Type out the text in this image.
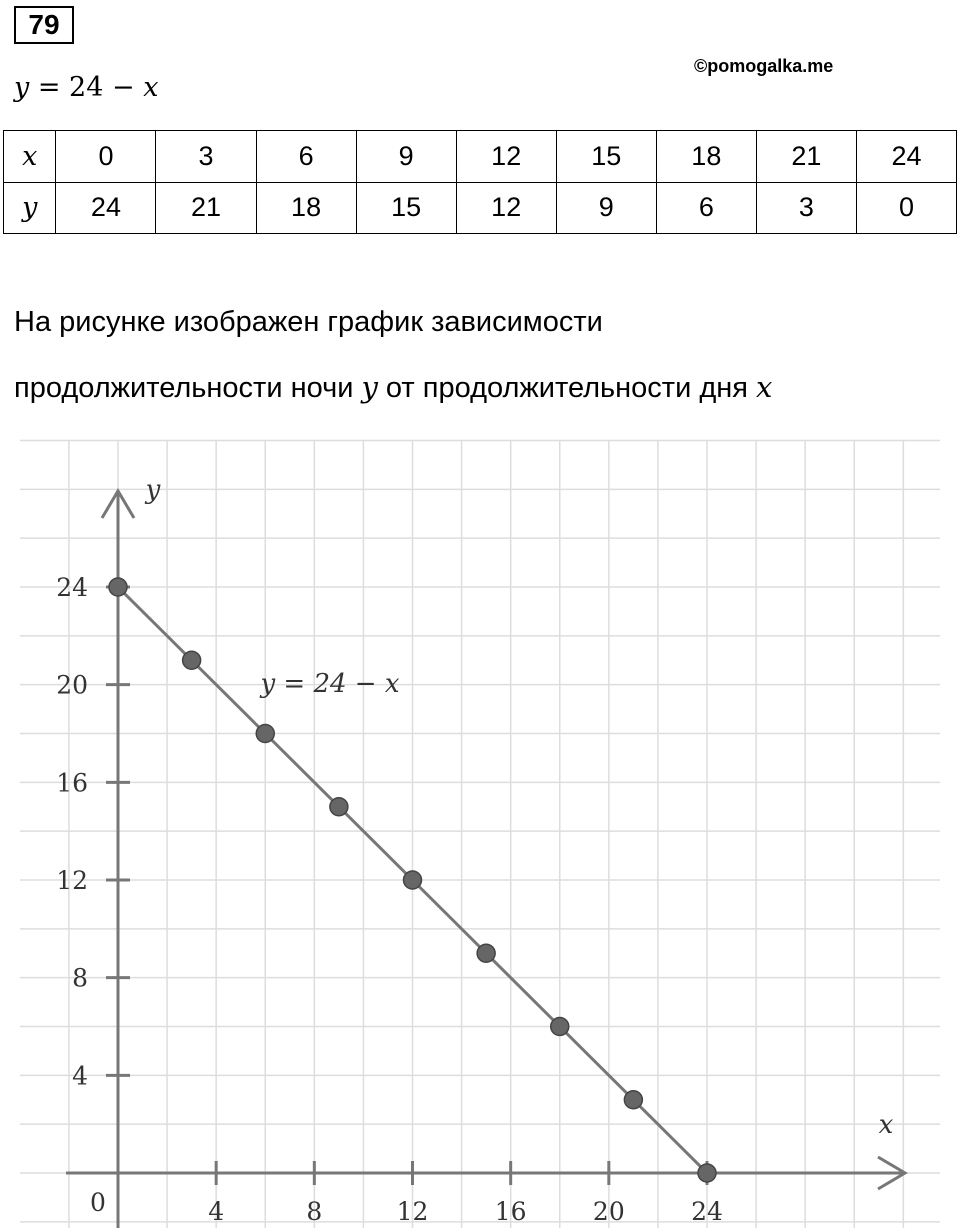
79
©pomogalka.me
y = 24 − x
x	0	3	6	9	12	15	18	21	24
y	24	21	18	15	12	9	6	3	0
На рисунке изображен график зависимости
продолжительности ночи y от продолжительности дня x
4	8	12	16	20	24
4
8
12
16
20
24
0
y
x
y = 24 − x
